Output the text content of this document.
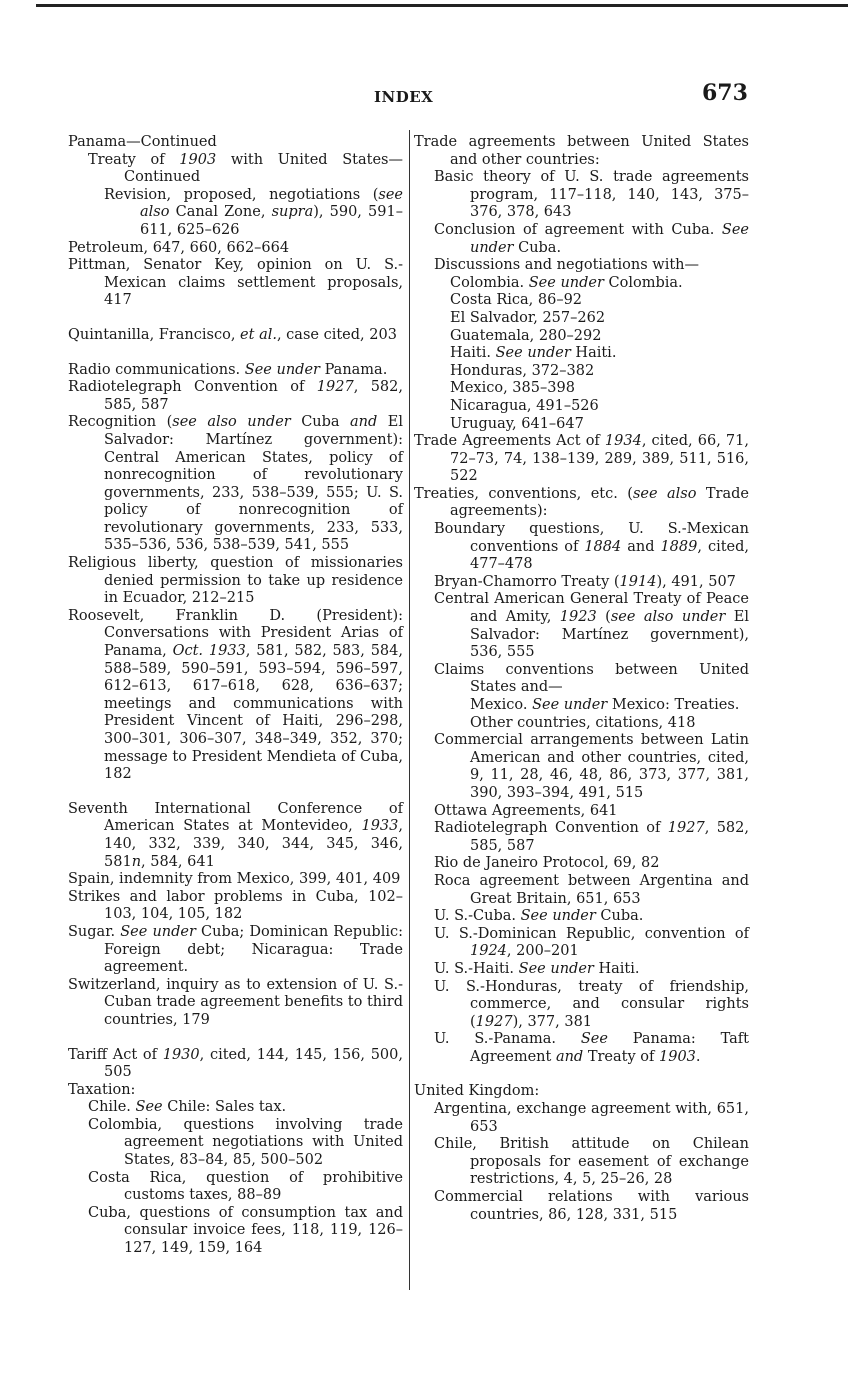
INDEX	673
Panama—Continued
Treaty of 1903 with United States—Continued
Revision, proposed, negotiations (see also Canal Zone, supra), 590, 591–611, 625–626
Petroleum, 647, 660, 662–664
Pittman, Senator Key, opinion on U. S.-Mexican claims settlement proposals, 417
Quintanilla, Francisco, et al., case cited, 203
Radio communications. See under Panama.
Radiotelegraph Convention of 1927, 582, 585, 587
Recognition (see also under Cuba and El Salvador: Martínez government): Central American States, policy of nonrecognition of revolutionary governments, 233, 538–539, 555; U. S. policy of nonrecognition of revolutionary governments, 233, 533, 535–536, 536, 538–539, 541, 555
Religious liberty, question of missionaries denied permission to take up residence in Ecuador, 212–215
Roosevelt, Franklin D. (President): Conversations with President Arias of Panama, Oct. 1933, 581, 582, 583, 584, 588–589, 590–591, 593–594, 596–597, 612–613, 617–618, 628, 636–637; meetings and communications with President Vincent of Haiti, 296–298, 300–301, 306–307, 348–349, 352, 370; message to President Mendieta of Cuba, 182
Seventh International Conference of American States at Montevideo, 1933, 140, 332, 339, 340, 344, 345, 346, 581n, 584, 641
Spain, indemnity from Mexico, 399, 401, 409
Strikes and labor problems in Cuba, 102–103, 104, 105, 182
Sugar. See under Cuba; Dominican Republic: Foreign debt; Nicaragua: Trade agreement.
Switzerland, inquiry as to extension of U. S.-Cuban trade agreement benefits to third countries, 179
Tariff Act of 1930, cited, 144, 145, 156, 500, 505
Taxation:
Chile. See Chile: Sales tax.
Colombia, questions involving trade agreement negotiations with United States, 83–84, 85, 500–502
Costa Rica, question of prohibitive customs taxes, 88–89
Cuba, questions of consumption tax and consular invoice fees, 118, 119, 126–127, 149, 159, 164
Trade agreements between United States and other countries:
Basic theory of U. S. trade agreements program, 117–118, 140, 143, 375–376, 378, 643
Conclusion of agreement with Cuba. See under Cuba.
Discussions and negotiations with—
Colombia. See under Colombia.
Costa Rica, 86–92
El Salvador, 257–262
Guatemala, 280–292
Haiti. See under Haiti.
Honduras, 372–382
Mexico, 385–398
Nicaragua, 491–526
Uruguay, 641–647
Trade Agreements Act of 1934, cited, 66, 71, 72–73, 74, 138–139, 289, 389, 511, 516, 522
Treaties, conventions, etc. (see also Trade agreements):
Boundary questions, U. S.-Mexican conventions of 1884 and 1889, cited, 477–478
Bryan-Chamorro Treaty (1914), 491, 507
Central American General Treaty of Peace and Amity, 1923 (see also under El Salvador: Martínez government), 536, 555
Claims conventions between United States and—
Mexico. See under Mexico: Treaties.
Other countries, citations, 418
Commercial arrangements between Latin American and other countries, cited, 9, 11, 28, 46, 48, 86, 373, 377, 381, 390, 393–394, 491, 515
Ottawa Agreements, 641
Radiotelegraph Convention of 1927, 582, 585, 587
Rio de Janeiro Protocol, 69, 82
Roca agreement between Argentina and Great Britain, 651, 653
U. S.-Cuba. See under Cuba.
U. S.-Dominican Republic, convention of 1924, 200–201
U. S.-Haiti. See under Haiti.
U. S.-Honduras, treaty of friendship, commerce, and consular rights (1927), 377, 381
U. S.-Panama. See Panama: Taft Agreement and Treaty of 1903.
United Kingdom:
Argentina, exchange agreement with, 651, 653
Chile, British attitude on Chilean proposals for easement of exchange restrictions, 4, 5, 25–26, 28
Commercial relations with various countries, 86, 128, 331, 515
